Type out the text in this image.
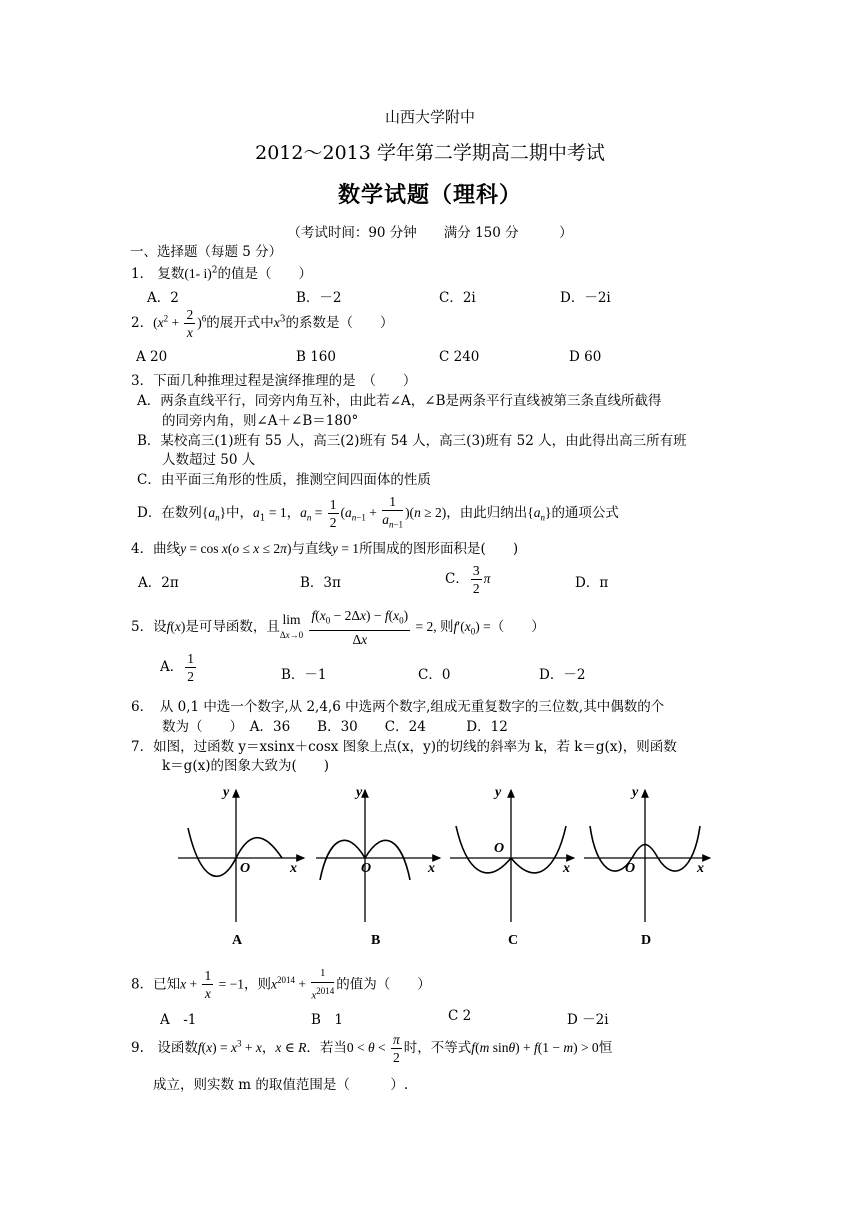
山西大学附中
2012～2013 学年第二学期高二期中考试
数学试题（理科）
（考试时间：90 分钟　　满分 150 分　　　）
一、选择题（每题 5 分）
1． 复数(1- i)$^2$的值是（　　）
A．2	B．－2	C．2i	D．－2i
2．$(x^2 + \frac{2}{x} )^6$的展开式中$x^3$的系数是（　　）
A 20	B 160	C 240	D 60
3．下面几种推理过程是演绎推理的是　（　　）
A．两条直线平行，同旁内角互补，由此若∠A，∠B是两条平行直线被第三条直线所截得
的同旁内角，则∠A＋∠B＝180°
B．某校高三(1)班有 55 人，高三(2)班有 54 人，高三(3)班有 52 人，由此得出高三所有班
人数超过 50 人
C．由平面三角形的性质，推测空间四面体的性质
D．在数列$\{a_n\}$中，$a_1 = 1$，$a_n = \frac{1}{2} (a_{n-1} + \frac{1}{a_{n-1}} )(n \ge 2)$，由此归纳出$\{a_n\}$的通项公式
4．曲线y = cos x(o ≤ x ≤ 2π)与直线y = 1所围成的图形面积是(　　)
A．2π	B．3π	C． $\frac{3}{2}$ π	D．π
5．设f(x)是可导函数，且 lim
$\Delta x\to 0 \frac{f(x_0 - 2\Delta x) - f(x_0)}{\Delta x} = 2$, 则$f'(x_0)$ =（　　）
A． $\frac{1}{2}$	B．－1	C．0	D．－2
6．　从 0,1 中选一个数字,从 2,4,6 中选两个数字,组成无重复数字的三位数,其中偶数的个
数为（　　）　A．36　　B．30　　C．24　　　D．12
7．如图，过函数 y＝xsinx＋cosx 图象上点(x，y)的切线的斜率为 k，若 k＝g(x)，则函数
k＝g(x)的图象大致为(　　)
y
x
O
A
y
x
O
B
y
x
O
C
y
x
O
D
8．已知$x + \frac{1}{x} = -1$，则$x^{2014} + \frac{1}{x^{2014}}$ 的值为（　　）
A　-1	B　1	C 2	D －2i
9.　设函数$f(x) = x^3 + x$，x ∈ R．若当$0 < \theta < \frac{\pi}{2}$ 时，不等式f(m sinθ) + f(1 − m) > 0恒
成立，则实数 m 的取值范围是（　　　）.
